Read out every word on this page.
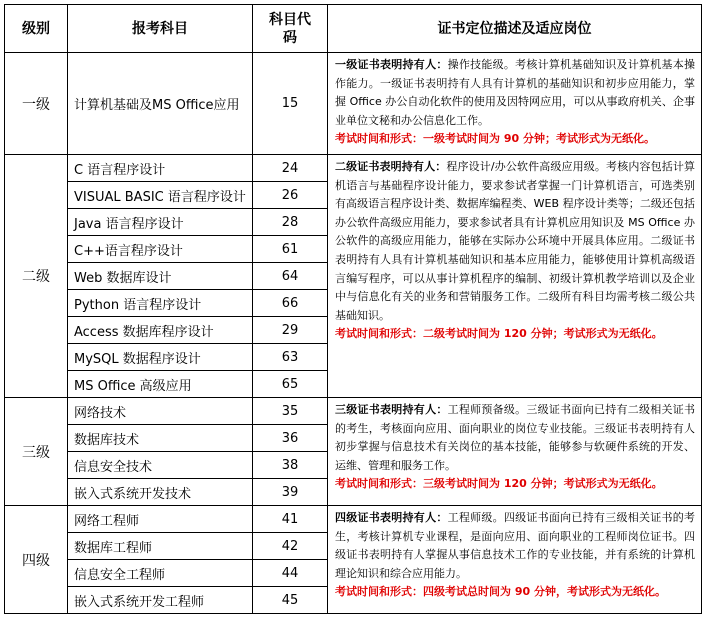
级别	报考科目	科目代码	证书定位描述及适应岗位
一级	计算机基础及MS Office应用	15	一级证书表明持有人：操作技能级。考核计算机基础知识及计算机基本操作能力。一级证书表明持有人具有计算机的基础知识和初步应用能力，掌握 Office 办公自动化软件的使用及因特网应用，可以从事政府机关、企事业单位文秘和办公信息化工作。
考试时间和形式：一级考试时间为 90 分钟；考试形式为无纸化。
二级	C 语言程序设计	24	二级证书表明持有人：程序设计/办公软件高级应用级。考核内容包括计算机语言与基础程序设计能力，要求参试者掌握一门计算机语言，可选类别有高级语言程序设计类、数据库编程类、WEB 程序设计类等；二级还包括办公软件高级应用能力，要求参试者具有计算机应用知识及 MS Office 办公软件的高级应用能力，能够在实际办公环境中开展具体应用。二级证书表明持有人具有计算机基础知识和基本应用能力，能够使用计算机高级语言编写程序，可以从事计算机程序的编制、初级计算机教学培训以及企业中与信息化有关的业务和营销服务工作。二级所有科目均需考核二级公共基础知识。
考试时间和形式：二级考试时间为 120 分钟；考试形式为无纸化。
	VISUAL BASIC 语言程序设计	26	
	Java 语言程序设计	28	
	C++语言程序设计	61	
	Web 数据库设计	64	
	Python 语言程序设计	66	
	Access 数据库程序设计	29	
	MySQL 数据程序设计	63	
	MS Office 高级应用	65	
三级	网络技术	35	三级证书表明持有人：工程师预备级。三级证书面向已持有二级相关证书的考生，考核面向应用、面向职业的岗位专业技能。三级证书表明持有人初步掌握与信息技术有关岗位的基本技能，能够参与软硬件系统的开发、运维、管理和服务工作。
考试时间和形式：三级考试时间为 120 分钟；考试形式为无纸化。
	数据库技术	36	
	信息安全技术	38	
	嵌入式系统开发技术	39	
四级	网络工程师	41	四级证书表明持有人：工程师级。四级证书面向已持有三级相关证书的考生，考核计算机专业课程，是面向应用、面向职业的工程师岗位证书。四级证书表明持有人掌握从事信息技术工作的专业技能，并有系统的计算机理论知识和综合应用能力。
考试时间和形式：四级考试总时间为 90 分钟，考试形式为无纸化。
	数据库工程师	42	
	信息安全工程师	44	
	嵌入式系统开发工程师	45	
